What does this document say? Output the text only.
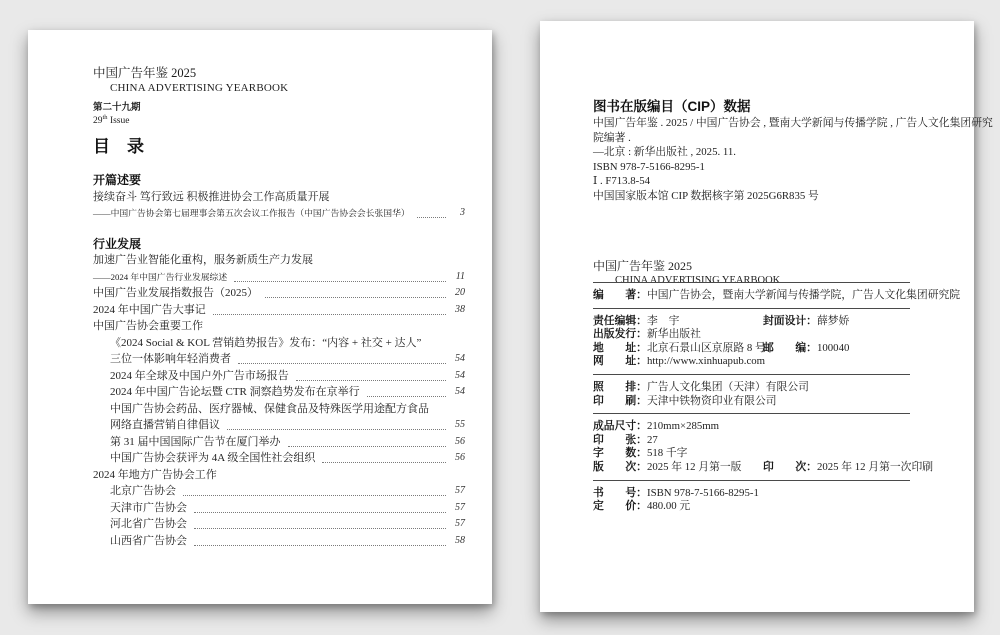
中国广告年鉴 2025
CHINA ADVERTISING YEARBOOK
第二十九期
29th Issue
目　录
开篇述要
接续奋斗 笃行致远 积极推进协会工作高质量开展
——中国广告协会第七届理事会第五次会议工作报告（中国广告协会会长张国华）	3
行业发展
加速广告业智能化重构，服务新质生产力发展
——2024 年中国广告行业发展综述	11
中国广告业发展指数报告（2025）	20
2024 年中国广告大事记	38
中国广告协会重要工作
《2024 Social & KOL 营销趋势报告》发布：“内容 + 社交 + 达人”
三位一体影响年轻消费者	54
2024 年全球及中国户外广告市场报告	54
2024 年中国广告论坛暨 CTR 洞察趋势发布在京举行	54
中国广告协会药品、医疗器械、保健食品及特殊医学用途配方食品
网络直播营销自律倡议	55
第 31 届中国国际广告节在厦门举办	56
中国广告协会获评为 4A 级全国性社会组织	56
2024 年地方广告协会工作
北京广告协会	57
天津市广告协会	57
河北省广告协会	57
山西省广告协会	58
图书在版编目（CIP）数据
中国广告年鉴 . 2025 / 中国广告协会 , 暨南大学新闻与传播学院 , 广告人文化集团研究
院编著 .
—北京 : 新华出版社 , 2025. 11.
ISBN 978-7-5166-8295-1
Ⅰ . F713.8-54
中国国家版本馆 CIP 数据核字第 2025G6R835 号
中国广告年鉴 2025
CHINA ADVERTISING YEARBOOK
编　　著：中国广告协会，暨南大学新闻与传播学院，广告人文化集团研究院
责任编辑：李　宇	封面设计：薛梦娇
出版发行：新华出版社
地　　址：北京石景山区京原路 8 号
邮　　编：100040
网　　址：http://www.xinhuapub.com
照　　排：广告人文化集团（天津）有限公司
印　　刷：天津中铁物资印业有限公司
成品尺寸：210mm×285mm
印　　张：27
字　　数：518 千字
版　　次：2025 年 12 月第一版 印　　次：2025 年 12 月第一次印刷
书　　号：ISBN 978-7-5166-8295-1
定　　价：480.00 元
